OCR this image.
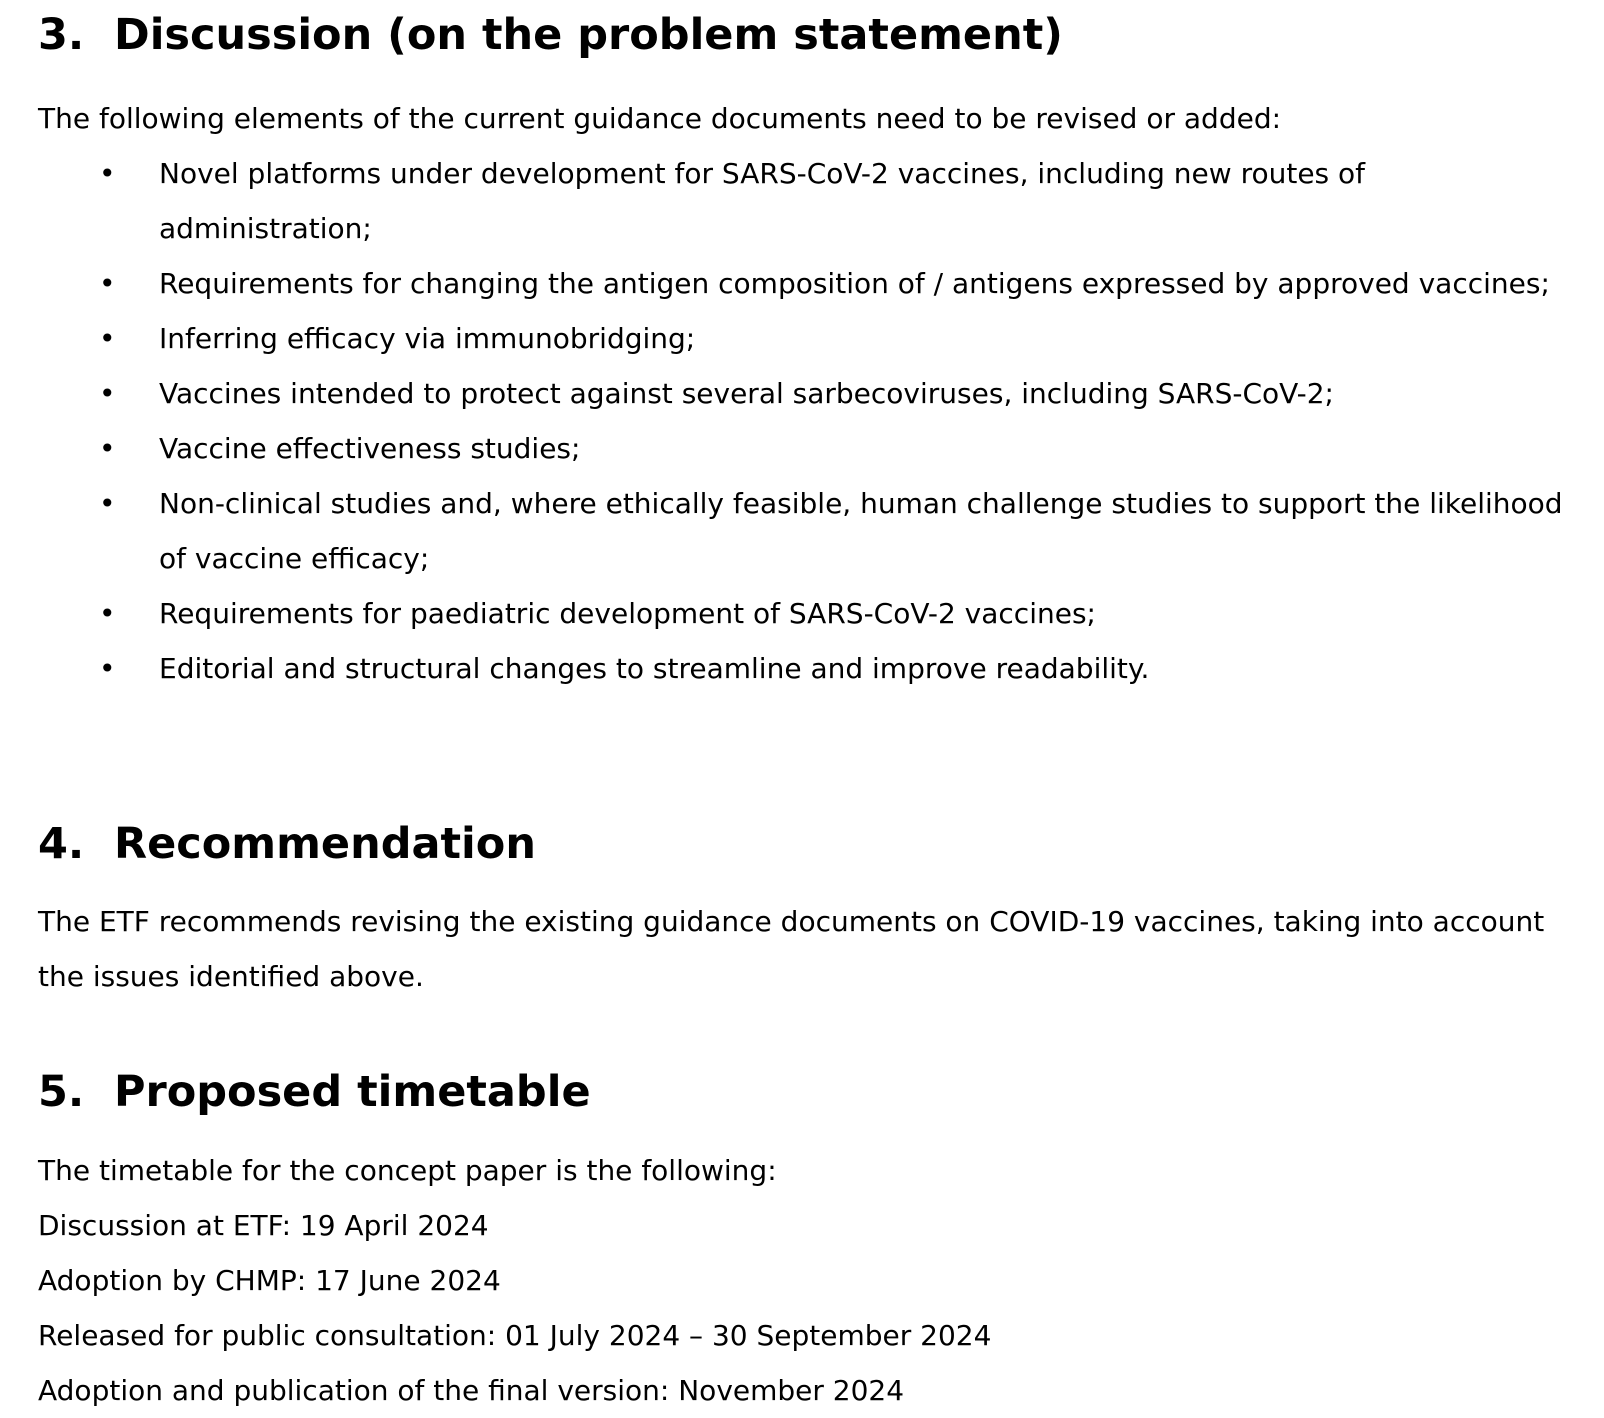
3. Discussion (on the problem statement)

The following elements of the current guidance documents need to be revised or added:

• Novel platforms under development for SARS-CoV-2 vaccines, including new routes of administration;
• Requirements for changing the antigen composition of / antigens expressed by approved vaccines;
• Inferring efficacy via immunobridging;
• Vaccines intended to protect against several sarbecoviruses, including SARS-CoV-2;
• Vaccine effectiveness studies;
• Non-clinical studies and, where ethically feasible, human challenge studies to support the likelihood of vaccine efficacy;
• Requirements for paediatric development of SARS-CoV-2 vaccines;
• Editorial and structural changes to streamline and improve readability.
4. Recommendation

The ETF recommends revising the existing guidance documents on COVID-19 vaccines, taking into account the issues identified above.

5. Proposed timetable

The timetable for the concept paper is the following:

Discussion at ETF: 19 April 2024

Adoption by CHMP: 17 June 2024

Released for public consultation: 01 July 2024 – 30 September 2024

Adoption and publication of the final version: November 2024
